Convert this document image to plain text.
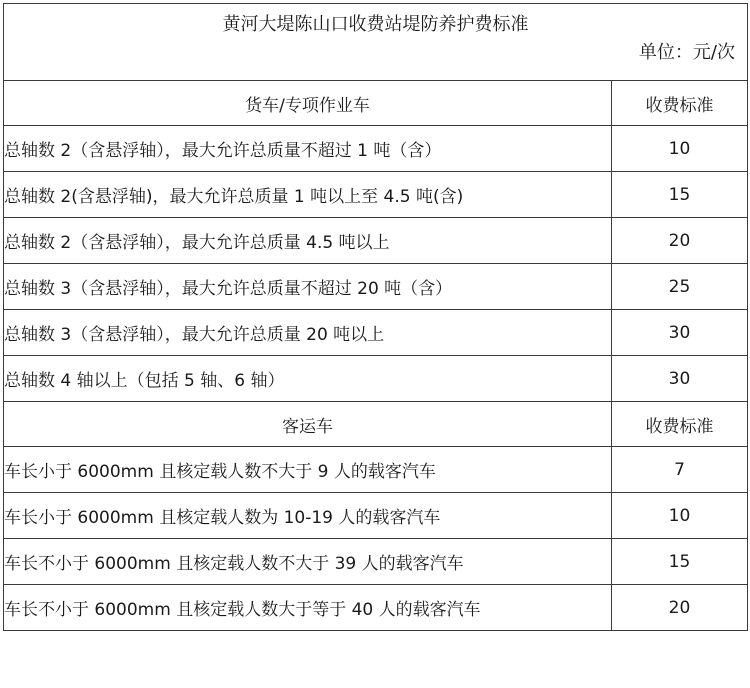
黄河大堤陈山口收费站堤防养护费标准
单位：元/次	

货车/专项作业车	收费标准
总轴数 2（含悬浮轴），最大允许总质量不超过 1 吨（含）	10
总轴数 2(含悬浮轴)，最大允许总质量 1 吨以上至 4.5 吨(含)	15
总轴数 2（含悬浮轴），最大允许总质量 4.5 吨以上	20
总轴数 3（含悬浮轴），最大允许总质量不超过 20 吨（含）	25
总轴数 3（含悬浮轴），最大允许总质量 20 吨以上	30
总轴数 4 轴以上（包括 5 轴、6 轴）	30
客运车	收费标准
车长小于 6000mm 且核定载人数不大于 9 人的载客汽车	7
车长小于 6000mm 且核定载人数为 10-19 人的载客汽车	10
车长不小于 6000mm 且核定载人数不大于 39 人的载客汽车	15
车长不小于 6000mm 且核定载人数大于等于 40 人的载客汽车	20
